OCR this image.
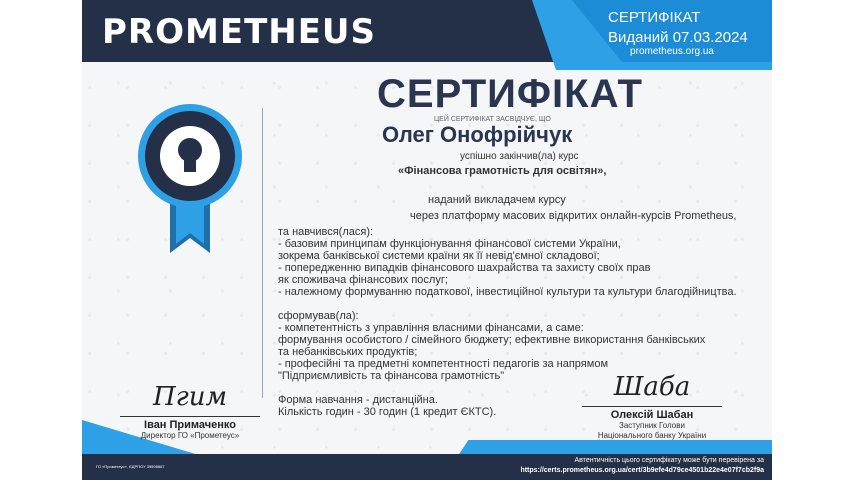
PROMETHEUS	СЕРТИФІКАТ
Виданий 07.03.2024
prometheus.org.ua
СЕРТИФІКАТ
ЦЕЙ СЕРТИФІКАТ ЗАСВІДЧУЄ, ЩО
Олег Онофрійчук
успішно закінчив(ла) курс
«Фінансова грамотність для освітян»,
наданий викладачем курсу
через платформу масових відкритих онлайн-курсів Prometheus,
та навчився(лася):
- базовим принципам функціонування фінансової системи України,
зокрема банківської системи країни як її невід'ємної складової;
- попередженню випадків фінансового шахрайства та захисту своїх прав
як споживача фінансових послуг;
- належному формуванню податкової, інвестиційної культури та культури благодійництва.
сформував(ла):
- компетентність з управління власними фінансами, а саме:
формування особистого / сімейного бюджету; ефективне використання банківських
та небанківських продуктів;
- професійні та предметні компетентності педагогів за напрямом
"Підприємливість та фінансова грамотність"
Форма навчання - дистанційна.
Кількість годин - 30 годин (1 кредит ЄКТС).
Пгим
Іван Примаченко
Директор ГО «Прометеус»
Шаба
Олексій Шабан
Заступник Голови
Національного банку України
ГО «Прометеус», ЄДРПОУ 39598867
Автентичність цього сертифікату може бути перевірена за
https://certs.prometheus.org.ua/cert/3b9efe4d79ce4501b22e4e07f7cb2f9a
